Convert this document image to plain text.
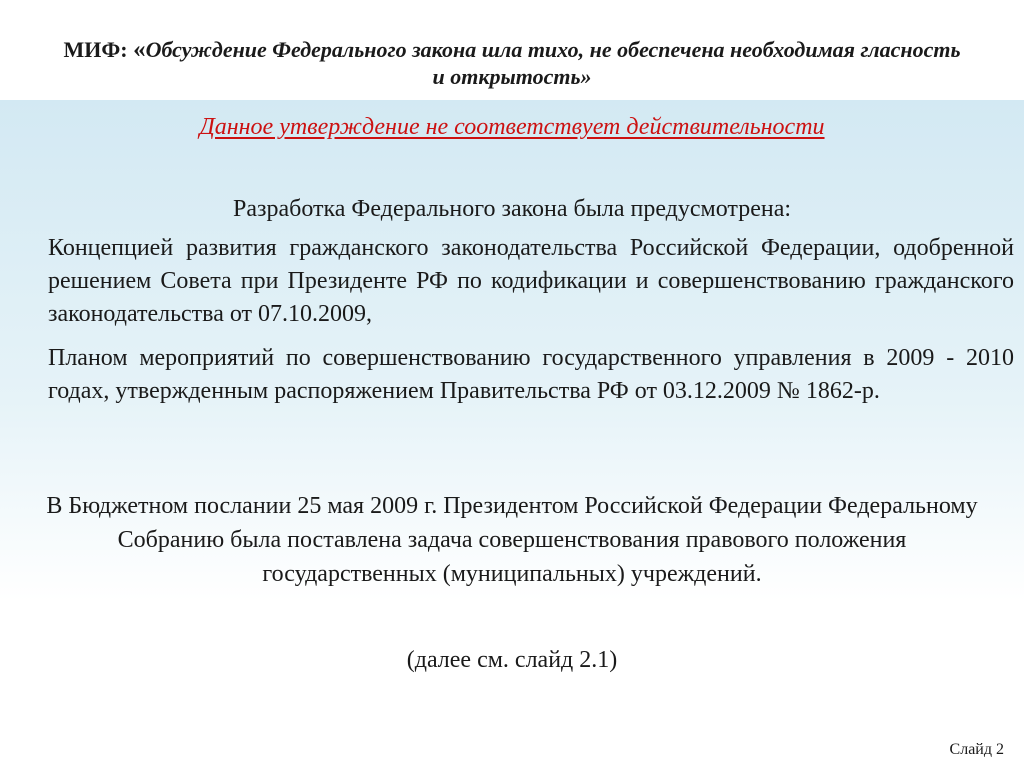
МИФ: «Обсуждение Федерального закона шла тихо, не обеспечена необходимая гласность и открытость»
Данное утверждение не соответствует действительности
Разработка Федерального закона была предусмотрена:
Концепцией развития гражданского законодательства Российской Федерации, одобренной решением Совета при Президенте РФ по кодификации и совершенствованию гражданского законодательства от 07.10.2009,
Планом мероприятий по совершенствованию государственного управления в 2009 - 2010 годах, утвержденным распоряжением Правительства РФ от 03.12.2009 № 1862-р.
В Бюджетном послании 25 мая 2009 г. Президентом Российской Федерации Федеральному Собранию была поставлена задача совершенствования правового положения государственных (муниципальных) учреждений.
(далее см. слайд 2.1)
Слайд 2
